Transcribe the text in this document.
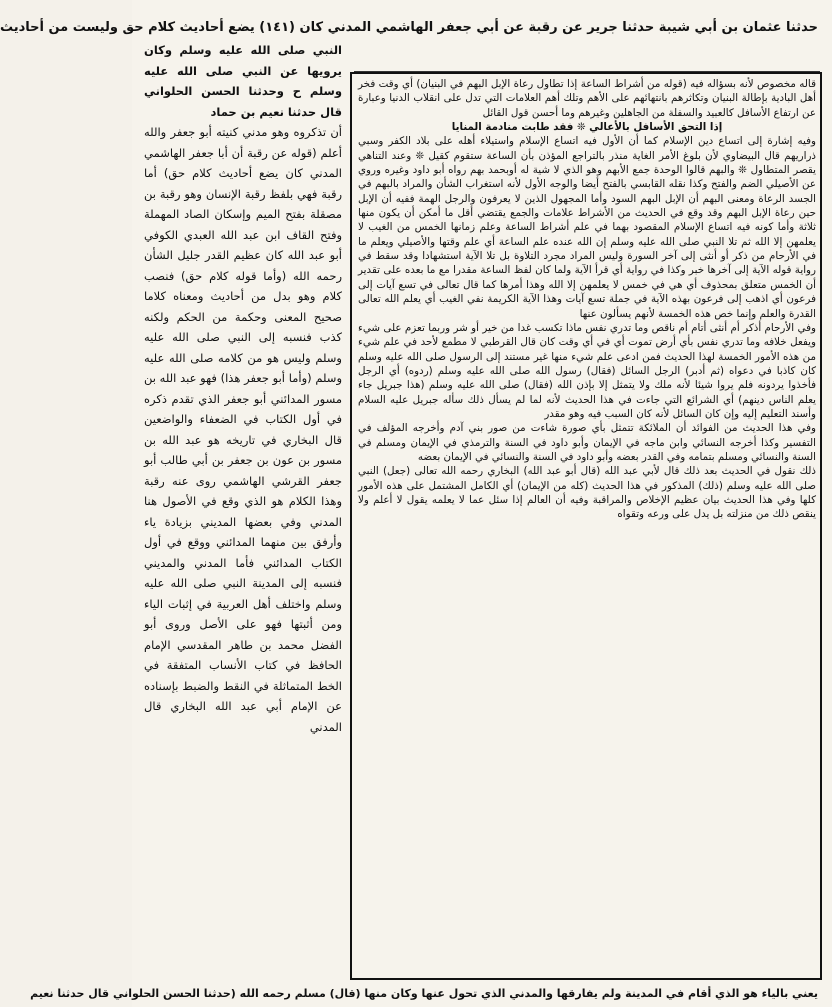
حدثنا عثمان بن أبي شيبة حدثنا جرير عن رقبة عن أبي جعفر الهاشمي المدني كان (١٤١) يضع أحاديث كلام حق وليست من أحاديث

قاله مخصوص لأنه بسؤاله فيه (قوله من أشراط الساعة إذا تطاول رعاة الإبل البهم في البنيان) أي وقت فخر أهل البادية بإطالة البنيان وتكاثرهم بانتهائهم على الأهم وتلك أهم العلامات التي تدل على انقلاب الدنيا وعبارة عن ارتفاع الأسافل كالعبيد والسفلة من الجاهلين وغيرهم وما أحسن قول القائل

إذا التحق الأسافل بالأعالي ❊ فقد طابت منادمة المنايا

وفيه إشارة إلى اتساع دين الإسلام كما أن الأول فيه اتساع الإسلام واستيلاء أهله على بلاد الكفر وسبي ذراريهم قال البيضاوي لأن بلوغ الأمر الغاية منذر بالتراجع المؤذن بأن الساعة ستقوم كقيل ❊ وعند التناهي يقصر المتطاول ❊ والبهم قالوا الوحدة جمع الأبهم وهو الذي لا شية له أوبحمد بهم رواه أبو داود وغيره وروي عن الأصيلي الضم والفتح وكذا نقله القابسي بالفتح أيضا والوجه الأول لأنه استغراب الشأن والمراد بالبهم في الجسد الرعاة ومعنى البهم أن الإبل البهم السود وأما المجهول الذين لا يعرفون والرجل الهمة ففيه أن الإبل حين رعاة الإبل البهم وقد وقع في الحديث من الأشراط علامات والجمع يقتضي أقل ما أمكن أن يكون منها ثلاثة وأما كونه فيه اتساع الإسلام المقصود بهما في علم أشراط الساعة وعلم زمانها الخمس من الغيب لا يعلمهن إلا الله ثم تلا النبي صلى الله عليه وسلم إن الله عنده علم الساعة أي علم وقتها والأصيلي ويعلم ما في الأرحام من ذكر أو أنثى إلى آخر السورة وليس المراد مجرد التلاوة بل تلا الآية استشهادا وقد سقط في رواية قوله الآية إلى آخرها خبر وكذا في رواية أي قرأ الآية ولما كان لفظ الساعة مقدرا مع ما بعده على تقدير أن الخمس متعلق بمحذوف أي هي في خمس لا يعلمهن إلا الله وهذا أمرها كما قال تعالى في تسع آيات إلى فرعون أي اذهب إلى فرعون بهذه الآية في جملة تسع آيات وهذا الآية الكريمة نفي الغيب أي يعلم الله تعالى القدرة والعلم وإنما خص هذه الخمسة لأنهم يسألون عنها

وفي الأرحام أذكر أم أنثى أتام أم ناقص وما تدري نفس ماذا تكسب غدا من خير أو شر وربما تعزم على شيء ويفعل خلافه وما تدري نفس بأي أرض تموت أي في أي وقت كان قال القرطبي لا مطمع لأحد في علم شيء من هذه الأمور الخمسة لهذا الحديث فمن ادعى علم شيء منها غير مستند إلى الرسول صلى الله عليه وسلم كان كاذبا في دعواه (ثم أدبر) الرجل السائل (فقال) رسول الله صلى الله عليه وسلم (ردوه) أي الرجل فأخذوا يردونه فلم يروا شيئا لأنه ملك ولا يتمثل إلا بإذن الله (فقال) صلى الله عليه وسلم (هذا جبريل جاء يعلم الناس دينهم) أي الشرائع التي جاءت في هذا الحديث لأنه لما لم يسأل ذلك سأله جبريل عليه السلام وأسند التعليم إليه وإن كان السائل لأنه كان السبب فيه وهو مقدر

وفي هذا الحديث من الفوائد أن الملائكة تتمثل بأي صورة شاءت من صور بني آدم وأخرجه المؤلف في التفسير وكذا أخرجه النسائي وابن ماجه في الإيمان وأبو داود في السنة والترمذي في الإيمان ومسلم في السنة والنسائي ومسلم بتمامه وفي القدر بعضه وأبو داود في السنة والنسائي في الإيمان بعضه

ذلك نقول في الحديث بعد ذلك قال لأبي عبد الله (قال أبو عبد الله) البخاري رحمه الله تعالى (جعل) النبي صلى الله عليه وسلم (ذلك) المذكور في هذا الحديث (كله من الإيمان) أي الكامل المشتمل على هذه الأمور كلها وفي هذا الحديث بيان عظيم الإخلاص والمراقبة وفيه أن العالم إذا سئل عما لا يعلمه يقول لا أعلم ولا ينقص ذلك من منزلته بل يدل على ورعه وتقواه

النبي صلى الله عليه وسلم وكان يرويها عن النبي صلى الله عليه وسلم ح وحدثنا الحسن الحلواني قال حدثنا نعيم بن حماد

أن تذكروه وهو مدني كنيته أبو جعفر والله أعلم (قوله عن رقبة أن أبا جعفر الهاشمي المدني كان يضع أحاديث كلام حق) أما رقبة فهي بلفظ رقبة الإنسان وهو رقبة بن مصقلة بفتح الميم وإسكان الصاد المهملة وفتح القاف ابن عبد الله العبدي الكوفي أبو عبد الله كان عظيم القدر جليل الشأن رحمه الله (وأما قوله كلام حق) فنصب كلام وهو بدل من أحاديث ومعناه كلاما صحيح المعنى وحكمة من الحكم ولكنه كذب فنسبه إلى النبي صلى الله عليه وسلم وليس هو من كلامه صلى الله عليه وسلم (وأما أبو جعفر هذا) فهو عبد الله بن مسور المدائني أبو جعفر الذي تقدم ذكره في أول الكتاب في الضعفاء والواضعين قال البخاري في تاريخه هو عبد الله بن مسور بن عون بن جعفر بن أبي طالب أبو جعفر القرشي الهاشمي روى عنه رقبة وهذا الكلام هو الذي وقع في الأصول هنا المدني وفي بعضها المديني بزيادة ياء وأرفق بين منهما المدائني ووقع في أول الكتاب المدائني فأما المدني والمديني فنسبه إلى المدينة النبي صلى الله عليه وسلم واختلف أهل العربية في إثبات الياء ومن أثبتها فهو على الأصل وروى أبو الفضل محمد بن طاهر المقدسي الإمام الحافظ في كتاب الأنساب المتفقة في الخط المتماثلة في النقط والضبط بإسناده عن الإمام أبي عبد الله البخاري قال المدني

يعني بالياء هو الذي أقام في المدينة ولم يفارقها والمدني الذي تحول عنها وكان منها (قال) مسلم رحمه الله (حدثنا الحسن الحلواني قال حدثنا نعيم
